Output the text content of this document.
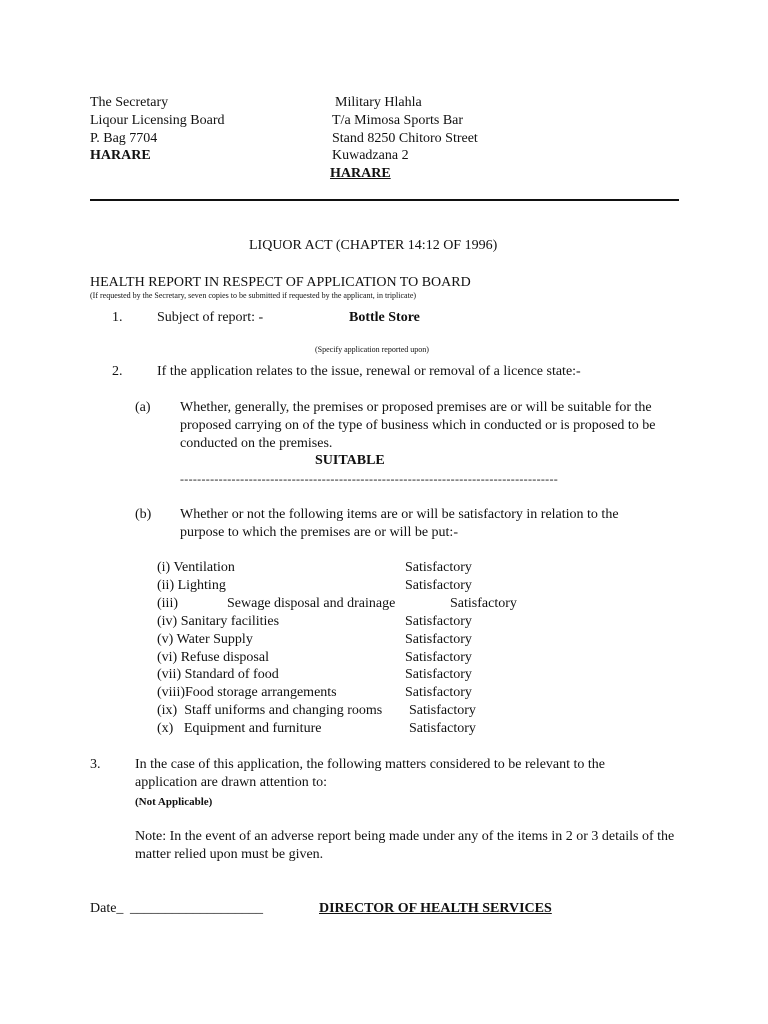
The Secretary
Liqour Licensing Board
P. Bag 7704
HARARE
Military Hlahla
T/a Mimosa Sports Bar
Stand 8250 Chitoro Street
Kuwadzana 2
HARARE
LIQUOR ACT (CHAPTER 14:12 OF 1996)
HEALTH REPORT IN RESPECT OF APPLICATION TO BOARD
(If requested by the Secretary, seven copies to be submitted if requested by the applicant, in triplicate)
1. Subject of report: -	Bottle Store
(Specify application reported upon)
2. If the application relates to the issue, renewal or removal of a licence state:-
(a) Whether, generally, the premises or proposed premises are or will be suitable for the proposed carrying on of the type of business which in conducted or is proposed to be conducted on the premises.
SUITABLE
----------------------------------------------------------------------------------------
(b) Whether or not the following items are or will be satisfactory in relation to the purpose to which the premises are or will be put:-
(i) Ventilation	Satisfactory
(ii) Lighting	Satisfactory
(iii)              Sewage disposal and drainage	Satisfactory
(iv) Sanitary facilities	Satisfactory
(v) Water Supply	Satisfactory
(vi) Refuse disposal	Satisfactory
(vii) Standard of food	Satisfactory
(viii)Food storage arrangements	Satisfactory
(ix)  Staff uniforms and changing rooms Satisfactory
(x)   Equipment and furniture	Satisfactory
3. In the case of this application, the following matters considered to be relevant to the application are drawn attention to:
(Not Applicable)
Note: In the event of an adverse report being made under any of the items in 2 or 3 details of the matter relied upon must be given.
Date_ ___________________	DIRECTOR OF HEALTH SERVICES
